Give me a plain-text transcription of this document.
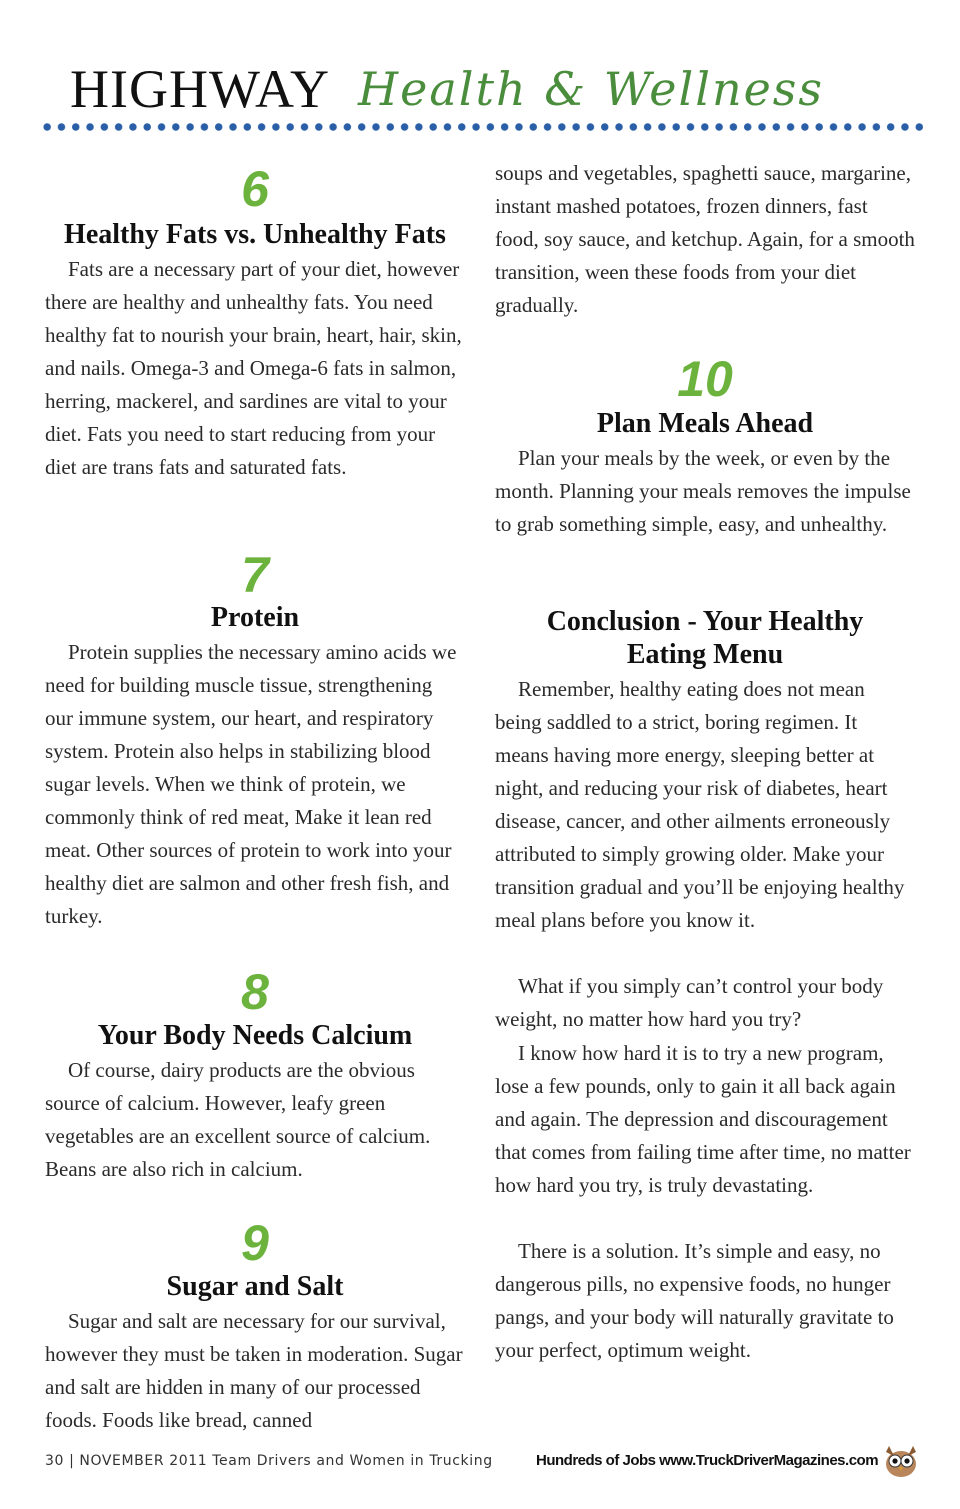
HIGHWAY Health & Wellness
6
Healthy Fats vs. Unhealthy Fats

Fats are a necessary part of your diet, however there are healthy and unhealthy fats. You need healthy fat to nourish your brain, heart, hair, skin, and nails. Omega-3 and Omega-6 fats in salmon, herring, mackerel, and sardines are vital to your diet. Fats you need to start reducing from your diet are trans fats and saturated fats.

7
Protein

Protein supplies the necessary amino acids we need for building muscle tissue, strengthening our immune system, our heart, and respiratory system. Protein also helps in stabilizing blood sugar levels. When we think of protein, we commonly think of red meat, Make it lean red meat. Other sources of protein to work into your healthy diet are salmon and other fresh fish, and turkey.

8
Your Body Needs Calcium

Of course, dairy products are the obvious source of calcium. However, leafy green vegetables are an excellent source of calcium. Beans are also rich in calcium.

9
Sugar and Salt

Sugar and salt are necessary for our survival, however they must be taken in moderation. Sugar and salt are hidden in many of our processed foods. Foods like bread, canned

soups and vegetables, spaghetti sauce, margarine, instant mashed potatoes, frozen dinners, fast food, soy sauce, and ketchup. Again, for a smooth transition, ween these foods from your diet gradually.

10
Plan Meals Ahead

Plan your meals by the week, or even by the month. Planning your meals removes the impulse to grab something simple, easy, and unhealthy.

Conclusion - Your Healthy
Eating Menu

Remember, healthy eating does not mean being saddled to a strict, boring regimen. It means having more energy, sleeping better at night, and reducing your risk of diabetes, heart disease, cancer, and other ailments erroneously attributed to simply growing older. Make your transition gradual and you’ll be enjoying healthy meal plans before you know it.

What if you simply can’t control your body weight, no matter how hard you try?

I know how hard it is to try a new program, lose a few pounds, only to gain it all back again and again. The depression and discouragement that comes from failing time after time, no matter how hard you try, is truly devastating.

There is a solution. It’s simple and easy, no dangerous pills, no expensive foods, no hunger pangs, and your body will naturally gravitate to your perfect, optimum weight.

30 | NOVEMBER 2011 Team Drivers and Women in Trucking	Hundreds of Jobs www.TruckDriverMagazines.com
